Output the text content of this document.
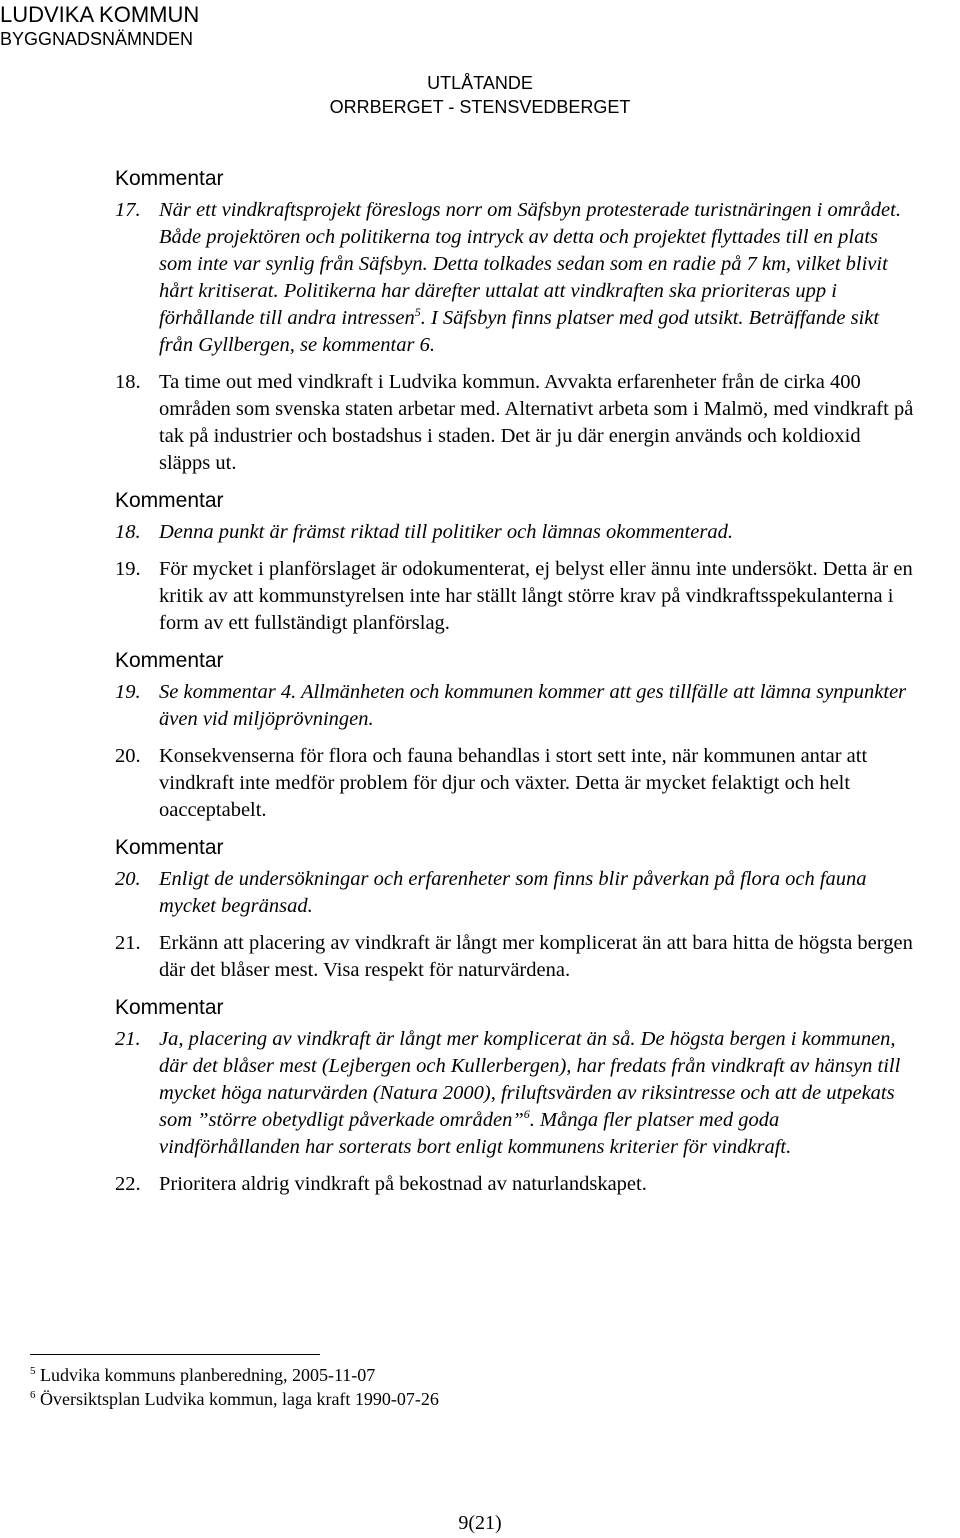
LUDVIKA KOMMUN
BYGGNADSNÄMNDEN
UTLÅTANDE
ORRBERGET - STENSVEDBERGET
Kommentar
17. När ett vindkraftsprojekt föreslogs norr om Säfsbyn protesterade turistnäringen i området. Både projektören och politikerna tog intryck av detta och projektet flyttades till en plats som inte var synlig från Säfsbyn. Detta tolkades sedan som en radie på 7 km, vilket blivit hårt kritiserat. Politikerna har därefter uttalat att vindkraften ska prioriteras upp i förhållande till andra intressen$^5$. I Säfsbyn finns platser med god utsikt. Beträffande sikt från Gyllbergen, se kommentar 6.
18. Ta time out med vindkraft i Ludvika kommun. Avvakta erfarenheter från de cirka 400 områden som svenska staten arbetar med. Alternativt arbeta som i Malmö, med vindkraft på tak på industrier och bostadshus i staden. Det är ju där energin används och koldioxid släpps ut.
Kommentar
18. Denna punkt är främst riktad till politiker och lämnas okommenterad.
19. För mycket i planförslaget är odokumenterat, ej belyst eller ännu inte undersökt. Detta är en kritik av att kommunstyrelsen inte har ställt långt större krav på vindkraftsspekulanterna i form av ett fullständigt planförslag.
Kommentar
19. Se kommentar 4. Allmänheten och kommunen kommer att ges tillfälle att lämna synpunkter även vid miljöprövningen.
20. Konsekvenserna för flora och fauna behandlas i stort sett inte, när kommunen antar att vindkraft inte medför problem för djur och växter. Detta är mycket felaktigt och helt oacceptabelt.
Kommentar
20. Enligt de undersökningar och erfarenheter som finns blir påverkan på flora och fauna mycket begränsad.
21. Erkänn att placering av vindkraft är långt mer komplicerat än att bara hitta de högsta bergen där det blåser mest. Visa respekt för naturvärdena.
Kommentar
21. Ja, placering av vindkraft är långt mer komplicerat än så. De högsta bergen i kommunen, där det blåser mest (Lejbergen och Kullerbergen), har fredats från vindkraft av hänsyn till mycket höga naturvärden (Natura 2000), friluftsvärden av riksintresse och att de utpekats som ”större obetydligt påverkade områden”$^6$. Många fler platser med goda vindförhållanden har sorterats bort enligt kommunens kriterier för vindkraft.
22. Prioritera aldrig vindkraft på bekostnad av naturlandskapet.
$^5$ Ludvika kommuns planberedning, 2005-11-07
$^6$ Översiktsplan Ludvika kommun, laga kraft 1990-07-26
9(21)
